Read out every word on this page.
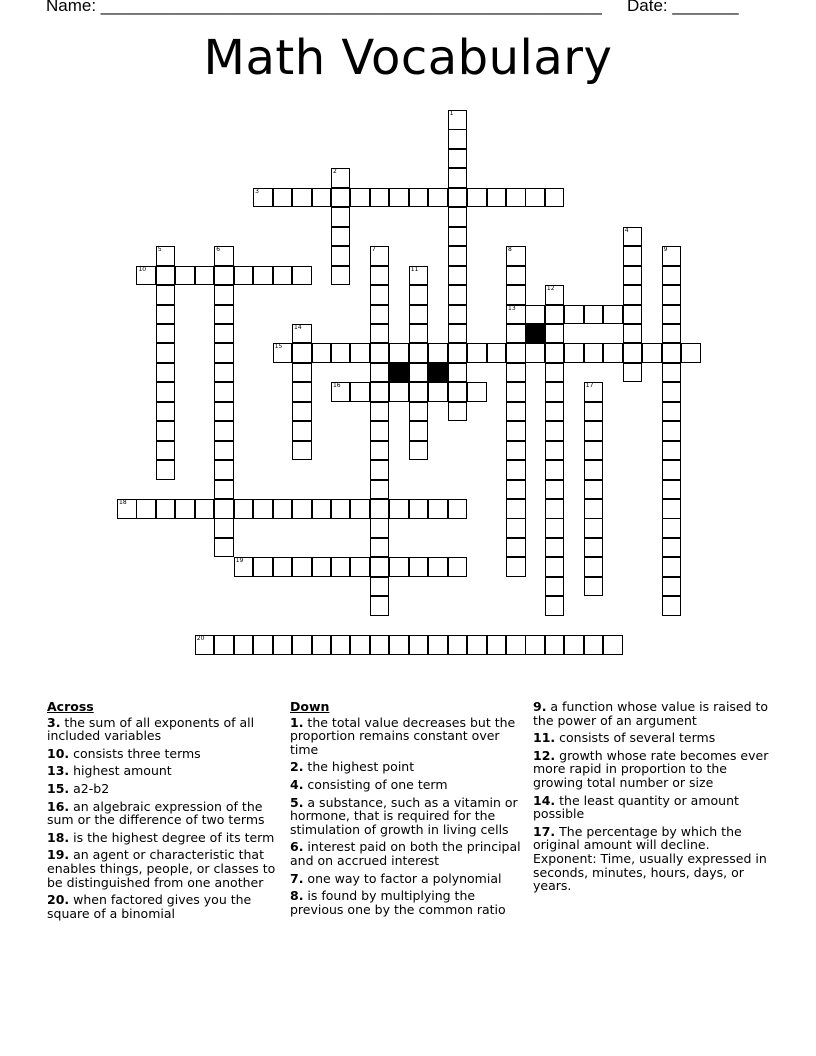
Name: _____________________________________________________ Date: _______
Math Vocabulary
1
2
3
4
5	6	7	8
13
9
10	11
12
14
15
16	17
18
19
20
Across
3. the sum of all exponents of all included variables
10. consists three terms
13. highest amount
15. a2-b2
16. an algebraic expression of the sum or the difference of two terms
18. is the highest degree of its term
19. an agent or characteristic that enables things, people, or classes to be distinguished from one another
20. when factored gives you the square of a binomial
Down
1. the total value decreases but the proportion remains constant over time
2. the highest point
4. consisting of one term
5. a substance, such as a vitamin or hormone, that is required for the stimulation of growth in living cells
6. interest paid on both the principal and on accrued interest
7. one way to factor a polynomial
8. is found by multiplying the previous one by the common ratio
9. a function whose value is raised to the power of an argument
11. consists of several terms
12. growth whose rate becomes ever more rapid in proportion to the growing total number or size
14. the least quantity or amount possible
17. The percentage by which the original amount will decline. Exponent: Time, usually expressed in seconds, minutes, hours, days, or years.
